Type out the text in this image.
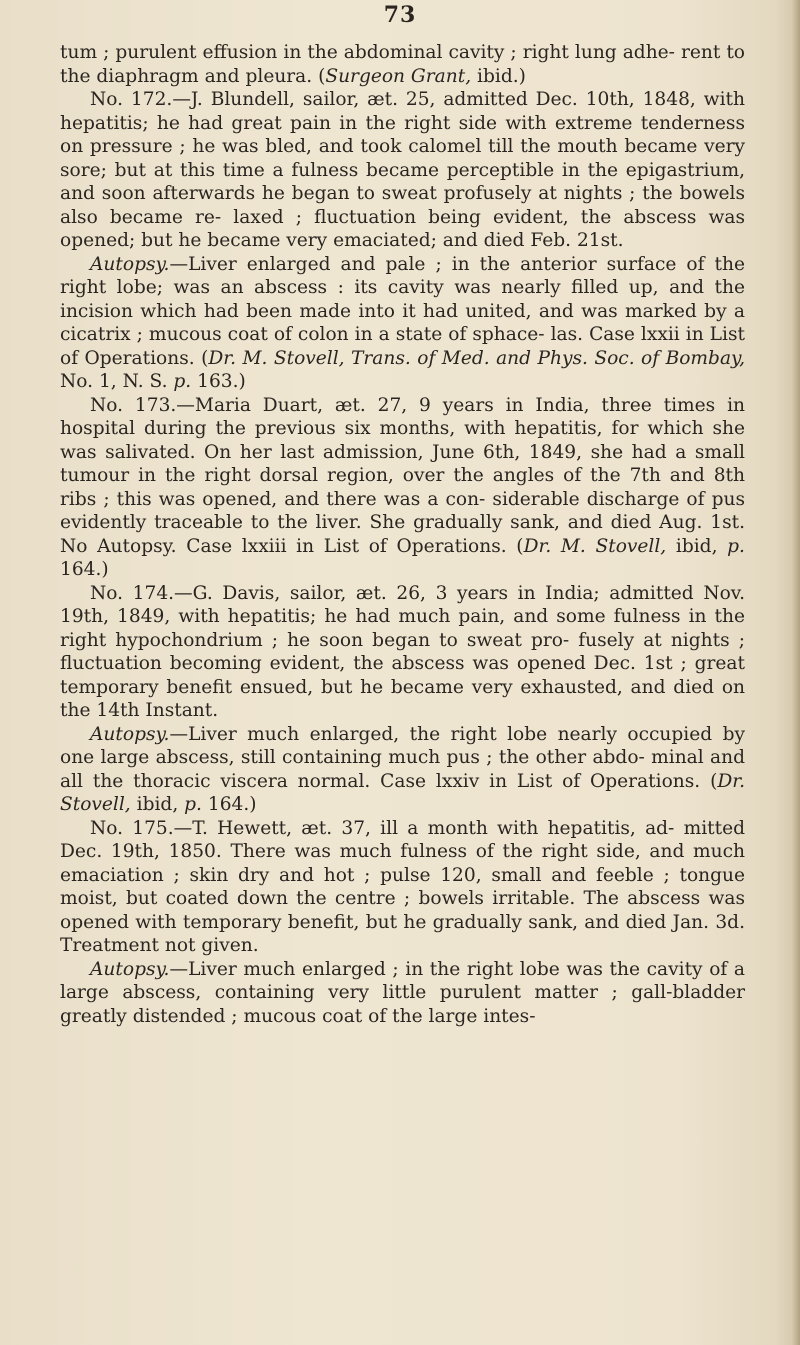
73

tum ; purulent effusion in the abdominal cavity ; right lung adhe- rent to the diaphragm and pleura. (Surgeon Grant, ibid.)

No. 172.—J. Blundell, sailor, æt. 25, admitted Dec. 10th, 1848, with hepatitis; he had great pain in the right side with extreme tenderness on pressure ; he was bled, and took calomel till the mouth became very sore; but at this time a fulness became perceptible in the epigastrium, and soon afterwards he began to sweat profusely at nights ; the bowels also became re- laxed ; fluctuation being evident, the abscess was opened; but he became very emaciated; and died Feb. 21st.

Autopsy.—Liver enlarged and pale ; in the anterior surface of the right lobe; was an abscess : its cavity was nearly filled up, and the incision which had been made into it had united, and was marked by a cicatrix ; mucous coat of colon in a state of sphace- las. Case lxxii in List of Operations. (Dr. M. Stovell, Trans. of Med. and Phys. Soc. of Bombay, No. 1, N. S. p. 163.)

No. 173.—Maria Duart, æt. 27, 9 years in India, three times in hospital during the previous six months, with hepatitis, for which she was salivated. On her last admission, June 6th, 1849, she had a small tumour in the right dorsal region, over the angles of the 7th and 8th ribs ; this was opened, and there was a con- siderable discharge of pus evidently traceable to the liver. She gradually sank, and died Aug. 1st. No Autopsy. Case lxxiii in List of Operations. (Dr. M. Stovell, ibid, p. 164.)

No. 174.—G. Davis, sailor, æt. 26, 3 years in India; admitted Nov. 19th, 1849, with hepatitis; he had much pain, and some fulness in the right hypochondrium ; he soon began to sweat pro- fusely at nights ; fluctuation becoming evident, the abscess was opened Dec. 1st ; great temporary benefit ensued, but he became very exhausted, and died on the 14th Instant.

Autopsy.—Liver much enlarged, the right lobe nearly occupied by one large abscess, still containing much pus ; the other abdo- minal and all the thoracic viscera normal. Case lxxiv in List of Operations. (Dr. Stovell, ibid, p. 164.)

No. 175.—T. Hewett, æt. 37, ill a month with hepatitis, ad- mitted Dec. 19th, 1850. There was much fulness of the right side, and much emaciation ; skin dry and hot ; pulse 120, small and feeble ; tongue moist, but coated down the centre ; bowels irritable. The abscess was opened with temporary benefit, but he gradually sank, and died Jan. 3d. Treatment not given.

Autopsy.—Liver much enlarged ; in the right lobe was the cavity of a large abscess, containing very little purulent matter ; gall-bladder greatly distended ; mucous coat of the large intes-
